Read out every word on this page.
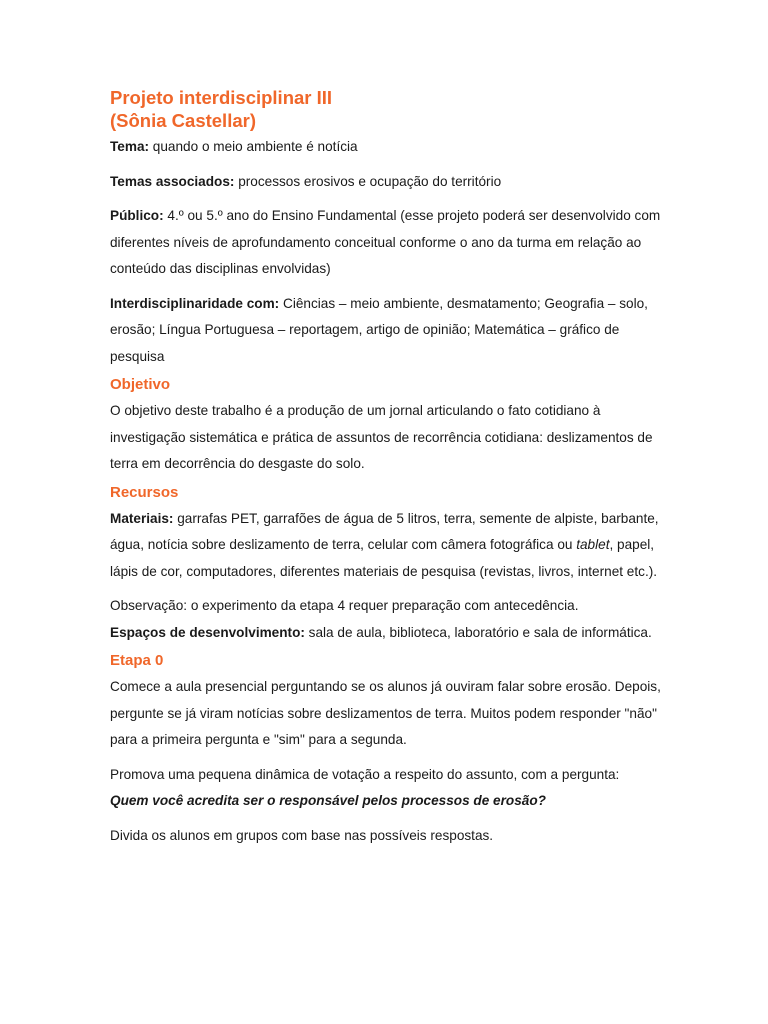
Projeto interdisciplinar III
(Sônia Castellar)

Tema: quando o meio ambiente é notícia

Temas associados: processos erosivos e ocupação do território

Público: 4.º ou 5.º ano do Ensino Fundamental (esse projeto poderá ser desenvolvido com diferentes níveis de aprofundamento conceitual conforme o ano da turma em relação ao conteúdo das disciplinas envolvidas)

Interdisciplinaridade com: Ciências – meio ambiente, desmatamento; Geografia – solo, erosão; Língua Portuguesa – reportagem, artigo de opinião; Matemática – gráfico de pesquisa

Objetivo

O objetivo deste trabalho é a produção de um jornal articulando o fato cotidiano à investigação sistemática e prática de assuntos de recorrência cotidiana: deslizamentos de terra em decorrência do desgaste do solo.

Recursos

Materiais: garrafas PET, garrafões de água de 5 litros, terra, semente de alpiste, barbante, água, notícia sobre deslizamento de terra, celular com câmera fotográfica ou tablet, papel, lápis de cor, computadores, diferentes materiais de pesquisa (revistas, livros, internet etc.).

Observação: o experimento da etapa 4 requer preparação com antecedência.

Espaços de desenvolvimento: sala de aula, biblioteca, laboratório e sala de informática.

Etapa 0

Comece a aula presencial perguntando se os alunos já ouviram falar sobre erosão. Depois, pergunte se já viram notícias sobre deslizamentos de terra. Muitos podem responder "não" para a primeira pergunta e "sim" para a segunda.

Promova uma pequena dinâmica de votação a respeito do assunto, com a pergunta:

Quem você acredita ser o responsável pelos processos de erosão?

Divida os alunos em grupos com base nas possíveis respostas.
